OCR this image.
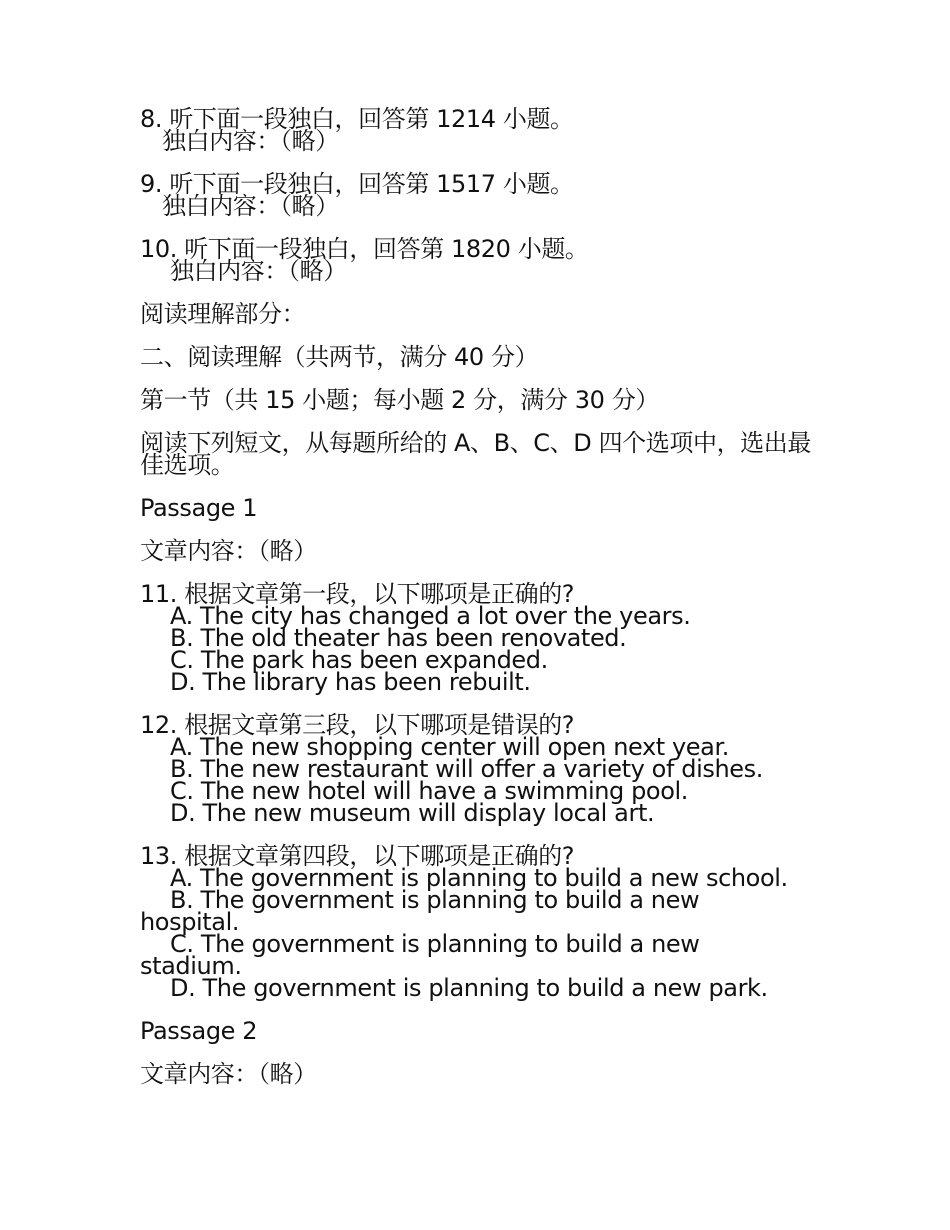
8. 听下面一段独白，回答第 1214 小题。
独白内容：（略）
9. 听下面一段独白，回答第 1517 小题。
独白内容：（略）
10. 听下面一段独白，回答第 1820 小题。
独白内容：（略）
阅读理解部分：
二、阅读理解（共两节，满分 40 分）
第一节（共 15 小题；每小题 2 分，满分 30 分）
阅读下列短文，从每题所给的 A、B、C、D 四个选项中，选出最佳选项。
Passage 1
文章内容：（略）
11. 根据文章第一段，以下哪项是正确的?
A. The city has changed a lot over the years.
B. The old theater has been renovated.
C. The park has been expanded.
D. The library has been rebuilt.
12. 根据文章第三段，以下哪项是错误的?
A. The new shopping center will open next year.
B. The new restaurant will offer a variety of dishes.
C. The new hotel will have a swimming pool.
D. The new museum will display local art.
13. 根据文章第四段，以下哪项是正确的?
A. The government is planning to build a new school.
B. The government is planning to build a new hospital.
C. The government is planning to build a new stadium.
D. The government is planning to build a new park.
Passage 2
文章内容：（略）
